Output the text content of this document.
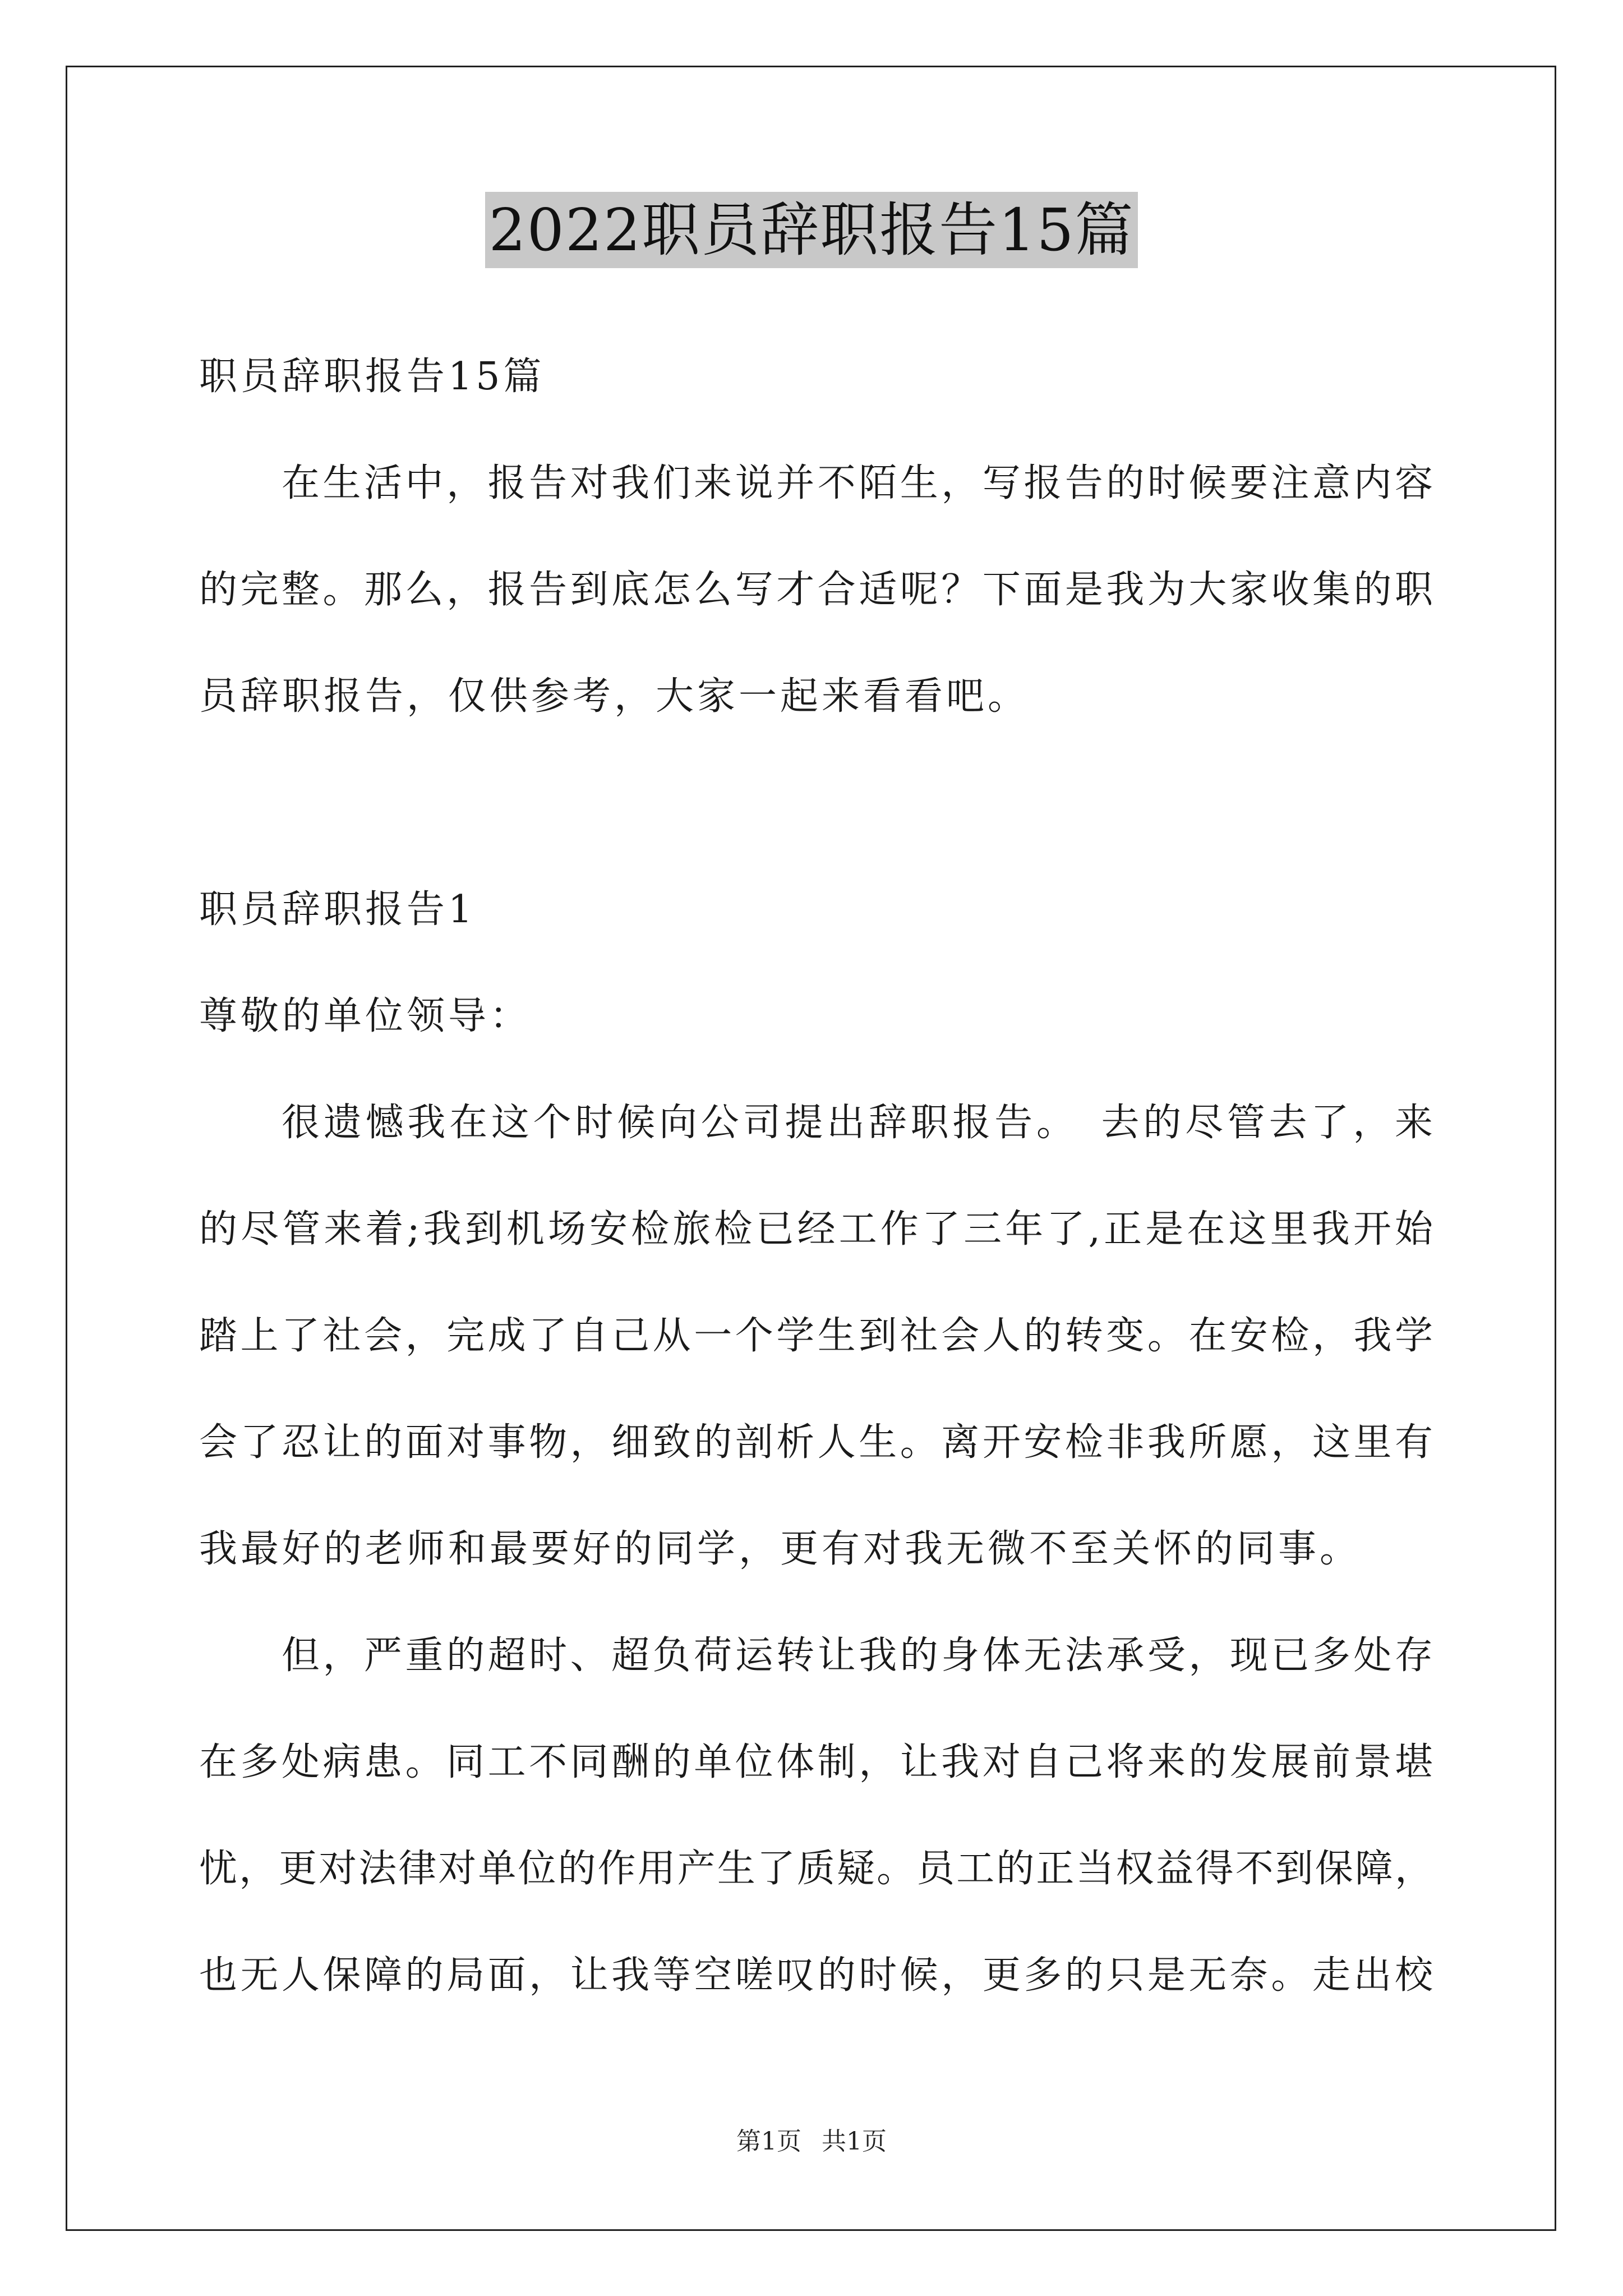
2022职员辞职报告15篇
职员辞职报告15篇
在生活中，报告对我们来说并不陌生，写报告的时候要注意内容
的完整。那么，报告到底怎么写才合适呢？下面是我为大家收集的职
员辞职报告，仅供参考，大家一起来看看吧。
职员辞职报告1
尊敬的单位领导：
很遗憾我在这个时候向公司提出辞职报告。　去的尽管去了，来
的尽管来着;我到机场安检旅检已经工作了三年了,正是在这里我开始
踏上了社会，完成了自己从一个学生到社会人的转变。在安检，我学
会了忍让的面对事物，细致的剖析人生。离开安检非我所愿，这里有
我最好的老师和最要好的同学，更有对我无微不至关怀的同事。
但，严重的超时、超负荷运转让我的身体无法承受，现已多处存
在多处病患。同工不同酬的单位体制，让我对自己将来的发展前景堪
忧，更对法律对单位的作用产生了质疑。员工的正当权益得不到保障，
也无人保障的局面，让我等空嗟叹的时候，更多的只是无奈。走出校
第1页 共1页
